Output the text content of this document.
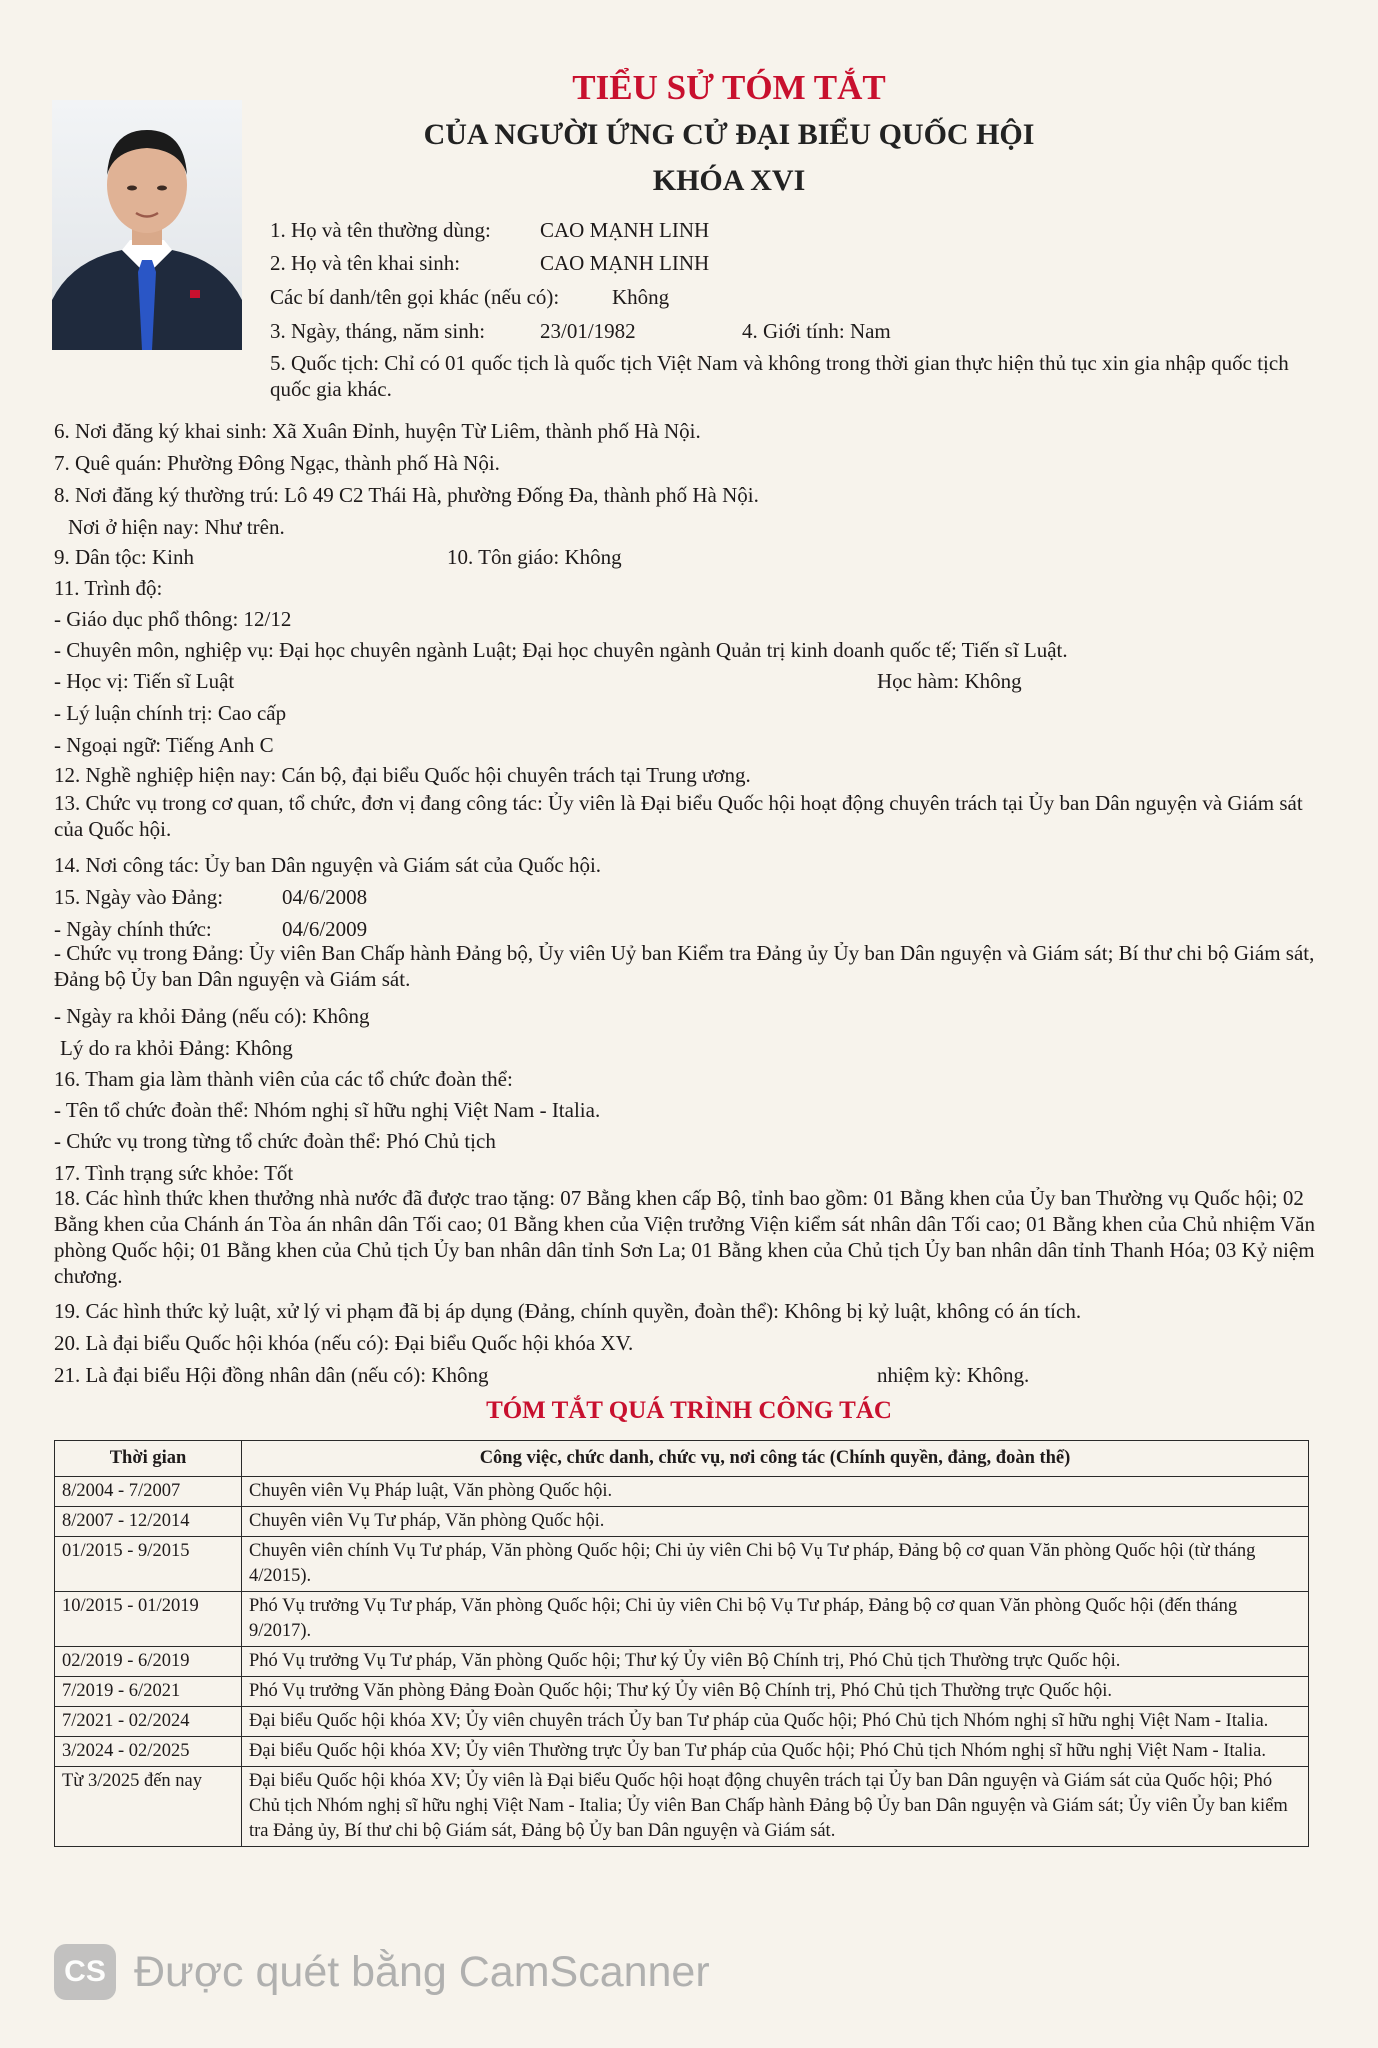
TIỂU SỬ TÓM TẮT
CỦA NGƯỜI ỨNG CỬ ĐẠI BIỂU QUỐC HỘI
KHÓA XVI
1. Họ và tên thường dùng: CAO MẠNH LINH
2. Họ và tên khai sinh:	CAO MẠNH LINH
Các bí danh/tên gọi khác (nếu có):	Không
3. Ngày, tháng, năm sinh:	23/01/1982	4. Giới tính: Nam
5. Quốc tịch: Chỉ có 01 quốc tịch là quốc tịch Việt Nam và không trong thời gian thực hiện thủ tục xin gia nhập quốc tịch quốc gia khác.
6. Nơi đăng ký khai sinh: Xã Xuân Đỉnh, huyện Từ Liêm, thành phố Hà Nội.
7. Quê quán: Phường Đông Ngạc, thành phố Hà Nội.
8. Nơi đăng ký thường trú: Lô 49 C2 Thái Hà, phường Đống Đa, thành phố Hà Nội.
Nơi ở hiện nay: Như trên.
9. Dân tộc: Kinh	10. Tôn giáo: Không
11. Trình độ:
- Giáo dục phổ thông: 12/12
- Chuyên môn, nghiệp vụ: Đại học chuyên ngành Luật; Đại học chuyên ngành Quản trị kinh doanh quốc tế; Tiến sĩ Luật.
- Học vị: Tiến sĩ Luật	Học hàm: Không
- Lý luận chính trị: Cao cấp
- Ngoại ngữ: Tiếng Anh C
12. Nghề nghiệp hiện nay: Cán bộ, đại biểu Quốc hội chuyên trách tại Trung ương.
13. Chức vụ trong cơ quan, tổ chức, đơn vị đang công tác: Ủy viên là Đại biểu Quốc hội hoạt động chuyên trách tại Ủy ban Dân nguyện và Giám sát của Quốc hội.
14. Nơi công tác: Ủy ban Dân nguyện và Giám sát của Quốc hội.
15. Ngày vào Đảng:	04/6/2008
- Ngày chính thức:	04/6/2009
- Chức vụ trong Đảng: Ủy viên Ban Chấp hành Đảng bộ, Ủy viên Uỷ ban Kiểm tra Đảng ủy Ủy ban Dân nguyện và Giám sát; Bí thư chi bộ Giám sát, Đảng bộ Ủy ban Dân nguyện và Giám sát.
- Ngày ra khỏi Đảng (nếu có): Không
Lý do ra khỏi Đảng: Không
16. Tham gia làm thành viên của các tổ chức đoàn thể:
- Tên tổ chức đoàn thể: Nhóm nghị sĩ hữu nghị Việt Nam - Italia.
- Chức vụ trong từng tổ chức đoàn thể: Phó Chủ tịch
17. Tình trạng sức khỏe: Tốt
18. Các hình thức khen thưởng nhà nước đã được trao tặng: 07 Bằng khen cấp Bộ, tỉnh bao gồm: 01 Bằng khen của Ủy ban Thường vụ Quốc hội; 02 Bằng khen của Chánh án Tòa án nhân dân Tối cao; 01 Bằng khen của Viện trưởng Viện kiểm sát nhân dân Tối cao; 01 Bằng khen của Chủ nhiệm Văn phòng Quốc hội; 01 Bằng khen của Chủ tịch Ủy ban nhân dân tỉnh Sơn La; 01 Bằng khen của Chủ tịch Ủy ban nhân dân tỉnh Thanh Hóa; 03 Kỷ niệm chương.
19. Các hình thức kỷ luật, xử lý vi phạm đã bị áp dụng (Đảng, chính quyền, đoàn thể): Không bị kỷ luật, không có án tích.
20. Là đại biểu Quốc hội khóa (nếu có): Đại biểu Quốc hội khóa XV.
21. Là đại biểu Hội đồng nhân dân (nếu có): Không	nhiệm kỳ: Không.
TÓM TẮT QUÁ TRÌNH CÔNG TÁC
Thời gian	Công việc, chức danh, chức vụ, nơi công tác (Chính quyền, đảng, đoàn thể)
8/2004 - 7/2007	Chuyên viên Vụ Pháp luật, Văn phòng Quốc hội.
8/2007 - 12/2014	Chuyên viên Vụ Tư pháp, Văn phòng Quốc hội.
01/2015 - 9/2015	Chuyên viên chính Vụ Tư pháp, Văn phòng Quốc hội; Chi ủy viên Chi bộ Vụ Tư pháp, Đảng bộ cơ quan Văn phòng Quốc hội (từ tháng 4/2015).
10/2015 - 01/2019	Phó Vụ trưởng Vụ Tư pháp, Văn phòng Quốc hội; Chi ủy viên Chi bộ Vụ Tư pháp, Đảng bộ cơ quan Văn phòng Quốc hội (đến tháng 9/2017).
02/2019 - 6/2019	Phó Vụ trưởng Vụ Tư pháp, Văn phòng Quốc hội; Thư ký Ủy viên Bộ Chính trị, Phó Chủ tịch Thường trực Quốc hội.
7/2019 - 6/2021	Phó Vụ trưởng Văn phòng Đảng Đoàn Quốc hội; Thư ký Ủy viên Bộ Chính trị, Phó Chủ tịch Thường trực Quốc hội.
7/2021 - 02/2024	Đại biểu Quốc hội khóa XV; Ủy viên chuyên trách Ủy ban Tư pháp của Quốc hội; Phó Chủ tịch Nhóm nghị sĩ hữu nghị Việt Nam - Italia.
3/2024 - 02/2025	Đại biểu Quốc hội khóa XV; Ủy viên Thường trực Ủy ban Tư pháp của Quốc hội; Phó Chủ tịch Nhóm nghị sĩ hữu nghị Việt Nam - Italia.
Từ 3/2025 đến nay	Đại biểu Quốc hội khóa XV; Ủy viên là Đại biểu Quốc hội hoạt động chuyên trách tại Ủy ban Dân nguyện và Giám sát của Quốc hội; Phó Chủ tịch Nhóm nghị sĩ hữu nghị Việt Nam - Italia; Ủy viên Ban Chấp hành Đảng bộ Ủy ban Dân nguyện và Giám sát; Ủy viên Ủy ban kiểm tra Đảng ủy, Bí thư chi bộ Giám sát, Đảng bộ Ủy ban Dân nguyện và Giám sát.
CS Được quét bằng CamScanner
